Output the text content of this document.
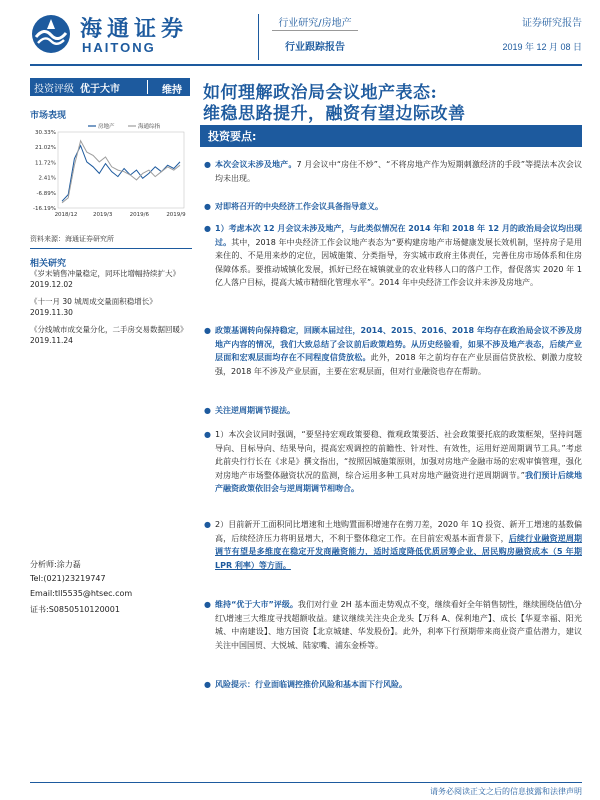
海通证券
HAITONG
行业研究/房地产
行业跟踪报告
证券研究报告
2019 年 12 月 08 日
投资评级 优于大市	维持
市场表现
30.33%
21.02%
11.72%
2.41%
-6.89%
-16.19%
2018/12	2019/3	2019/6	2019/9
房地产	海通综指
资料来源：海通证券研究所
相关研究
《岁末销售冲量稳定，同环比增幅持续扩大》
2019.12.02
《十一月 30 城周成交量面积稳增长》
2019.11.30
《分线城市成交量分化，二手房交易数据回暖》
2019.11.24
分析师:涂力磊
Tel:(021)23219747
Email:tll5535@htsec.com
证书:S0850510120001
如何理解政治局会议地产表态:
维稳思路提升，融资有望边际改善
投资要点:
● 本次会议未涉及地产。7 月会议中“房住不炒”、“不将房地产作为短期刺激经济的手段”等提法本次会议均未出现。
● 对即将召开的中央经济工作会议具备指导意义。
● 1）考虑本次 12 月会议未涉及地产，与此类似情况在 2014 年和 2018 年 12 月的政治局会议均出现过。其中，2018 年中央经济工作会议地产表态为“要构建房地产市场健康发展长效机制，坚持房子是用来住的、不是用来炒的定位，因城施策、分类指导，夯实城市政府主体责任，完善住房市场体系和住房保障体系。要推动城镇化发展，抓好已经在城镇就业的农业转移人口的落户工作，督促落实 2020 年 1 亿人落户目标，提高大城市精细化管理水平”。2014 年中央经济工作会议并未涉及房地产。
● 政策基调转向保持稳定，回顾本届过往，2014、2015、2016、2018 年均存在政治局会议不涉及房地产内容的情况，我们大致总结了会议前后政策趋势。从历史经验看，如果不涉及地产表态，后续产业层面和宏观层面均存在不同程度信贷放松。此外，2018 年之前均存在产业层面信贷放松、刺激力度较强，2018 年不涉及产业层面，主要在宏观层面，但对行业融资也存在帮助。
● 关注逆周期调节提法。
● 1）本次会议同时强调，“要坚持宏观政策要稳、微观政策要活、社会政策要托底的政策框架，坚持问题导向、目标导向、结果导向，提高宏观调控的前瞻性、针对性、有效性，运用好逆周期调节工具。”考虑此前央行行长在《求是》撰文指出，“按照因城施策原则，加强对房地产金融市场的宏观审慎管理，强化对房地产市场整体融资状况的监测，综合运用多种工具对房地产融资进行逆周期调节。”我们预计后续地产融资政策依旧会与逆周期调节相吻合。
● 2）目前新开工面积同比增速和土地购置面积增速存在剪刀差，2020 年 1Q 投资、新开工增速的基数偏高，后续经济压力将明显增大，不利于整体稳定工作。在目前宏观基本面背景下，后续行业融资逆周期调节有望是多维度在稳定开发商融资能力，适时适度降低优质居筹企业、居民购房融资成本（5 年期 LPR 利率）等方面。
● 维持“优于大市”评级。我们对行业 2H 基本面走势观点不变，继续看好全年销售韧性，继续围绕估值\分红\增速三大维度寻找超额收益。建议继续关注央企龙头【万科 A、保利地产】、成长【华夏幸福、阳光城、中南建设】、地方国资【北京城建、华发股份】。此外，利率下行预期带来商业资产重估潜力，建议关注中国国贸、大悦城、陆家嘴、浦东金桥等。
● 风险提示：行业面临调控推价风险和基本面下行风险。
请务必阅读正文之后的信息披露和法律声明
